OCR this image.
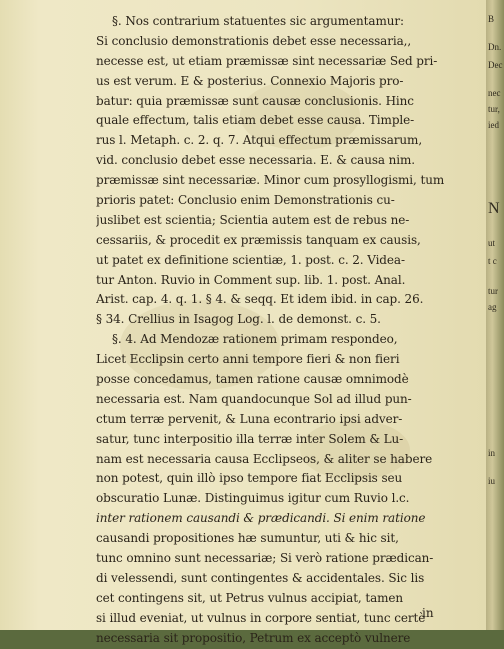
§. Nos contrarium statuentes sic argumentamur:
Si conclusio demonstrationis debet esse necessaria,,
necesse est, ut etiam præmissæ sint necessariæ Sed pri-
us est verum. E & posterius. Connexio Majoris pro-
batur: quia præmissæ sunt causæ conclusionis. Hinc
quale effectum, talis etiam debet esse causa. Timple-
rus l. Metaph. c. 2. q. 7. Atqui effectum præmissarum,
vid. conclusio debet esse necessaria. E. & causa nim.
præmissæ sint necessariæ. Minor cum prosyllogismi, tum
prioris patet: Conclusio enim Demonstrationis cu-
juslibet est scientia; Scientia autem est de rebus ne-
cessariis, & procedit ex præmissis tanquam ex causis,
ut patet ex definitione scientiæ, 1. post. c. 2. Videa-
tur Anton. Ruvio in Comment sup. lib. 1. post. Anal.
Arist. cap. 4. q. 1. § 4. & seqq. Et idem ibid. in cap. 26.
§ 34. Crellius in Isagog Log. l. de demonst. c. 5.
§. 4. Ad Mendozæ rationem primam respondeo,
Licet Ecclipsin certo anni tempore fieri & non fieri
posse concedamus, tamen ratione causæ omnimodè
necessaria est. Nam quandocunque Sol ad illud pun-
ctum terræ pervenit, & Luna econtrario ipsi adver-
satur, tunc interpositio illa terræ inter Solem & Lu-
nam est necessaria causa Ecclipseos, & aliter se habere
non potest, quin illò ipso tempore fiat Ecclipsis seu
obscuratio Lunæ. Distinguimus igitur cum Ruvio l.c.
inter rationem causandi & prædicandi. Si enim ratione
causandi propositiones hæ sumuntur, uti & hic sit,
tunc omnino sunt necessariæ; Si verò ratione prædican-
di velessendi, sunt contingentes & accidentales. Sic lis
cet contingens sit, ut Petrus vulnus accipiat, tamen
si illud eveniat, ut vulnus in corpore sentiat, tunc certè
necessaria sit propositio, Petrum ex acceptò vulnere
in
B
Dn.
Dec
nec
tur,
ied
N
ut
t c
tur
ag
in
iu
